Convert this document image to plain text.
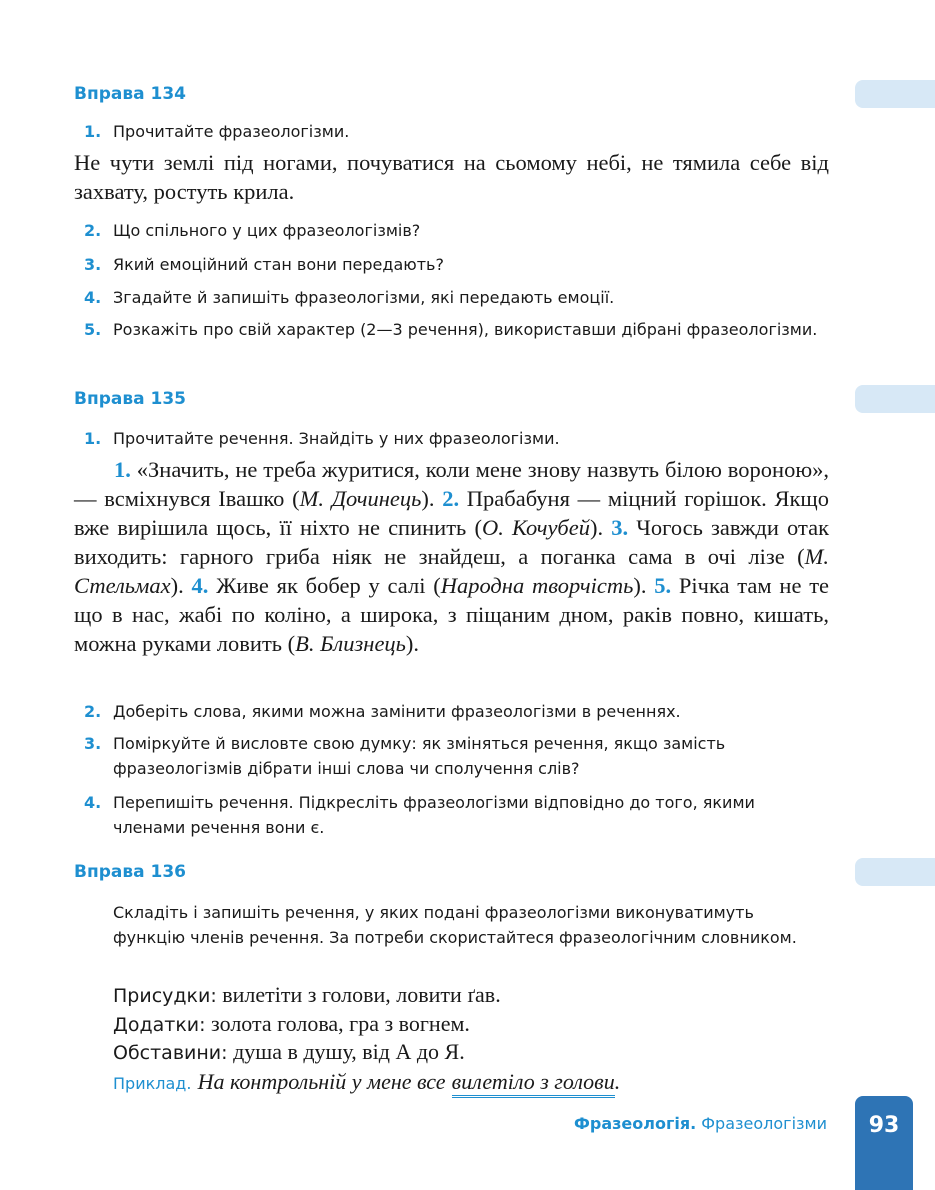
Вправа 134
1. Прочитайте фразеологізми.
Не чути землі під ногами, почуватися на сьомому небі, не тямила себе від захвату, ростуть крила.
2. Що спільного у цих фразеологізмів?
3. Який емоційний стан вони передають?
4. Згадайте й запишіть фразеологізми, які передають емоції.
5. Розкажіть про свій характер (2—3 речення), використавши дібрані фразеологізми.
Вправа 135
1. Прочитайте речення. Знайдіть у них фразеологізми.
1. «Значить, не треба журитися, коли мене знову назвуть білою вороною», — всміхнувся Івашко (М. Дочинець). 2. Прабабуня — міцний горішок. Якщо вже вирішила щось, її ніхто не спинить (О. Кочубей). 3. Чогось завжди отак виходить: гарного гриба ніяк не знайдеш, а поганка сама в очі лізе (М. Стельмах). 4. Живе як бобер у салі (Народна творчість). 5. Річка там не те що в нас, жабі по коліно, а широка, з піщаним дном, раків повно, кишать, можна руками ловить (В. Близнець).
2. Доберіть слова, якими можна замінити фразеологізми в реченнях.
3. Поміркуйте й висловте свою думку: як зміняться речення, якщо замість фразеологізмів дібрати інші слова чи сполучення слів?
4. Перепишіть речення. Підкресліть фразеологізми відповідно до того, якими членами речення вони є.
Вправа 136
Складіть і запишіть речення, у яких подані фразеологізми виконуватимуть функцію членів речення. За потреби скористайтеся фразеологічним словником.
Присудки: вилетіти з голови, ловити ґав.
Додатки: золота голова, гра з вогнем.
Обставини: душа в душу, від А до Я.
Приклад. На контрольній у мене все вилетіло з голови.
Фразеологія. Фразеологізми	93
